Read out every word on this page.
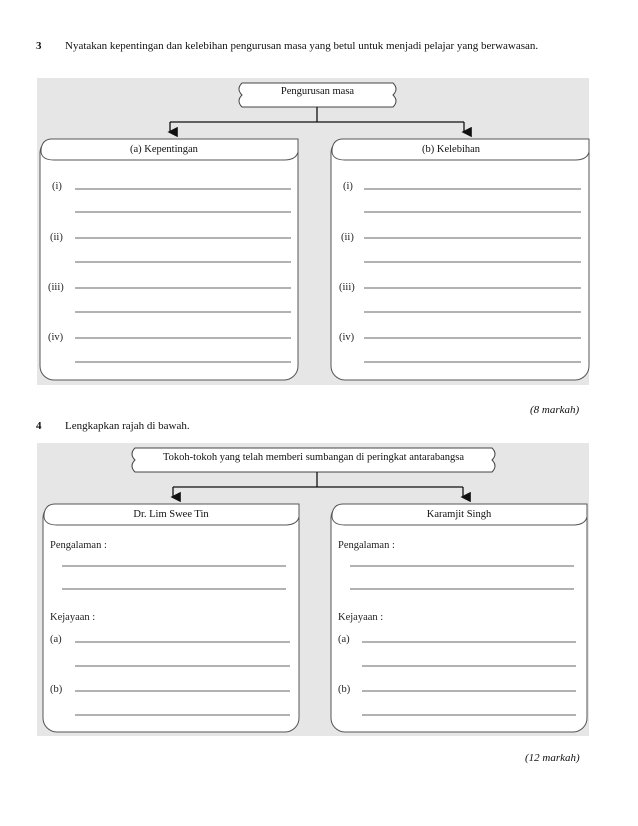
3 Nyatakan kepentingan dan kelebihan pengurusan masa yang betul untuk menjadi pelajar yang berwawasan.
Pengurusan masa
(a) Kepentingan	(b) Kelebihan
(i)
(ii)
(iii)
(iv)
(i)
(ii)
(iii)
(iv)
(8 markah)
4 Lengkapkan rajah di bawah.
Tokoh-tokoh yang telah memberi sumbangan di peringkat antarabangsa
Dr. Lim Swee Tin	Karamjit Singh
Pengalaman :
Kejayaan :
(a)
(b)
Pengalaman :
Kejayaan :
(a)
(b)
(12 markah)
